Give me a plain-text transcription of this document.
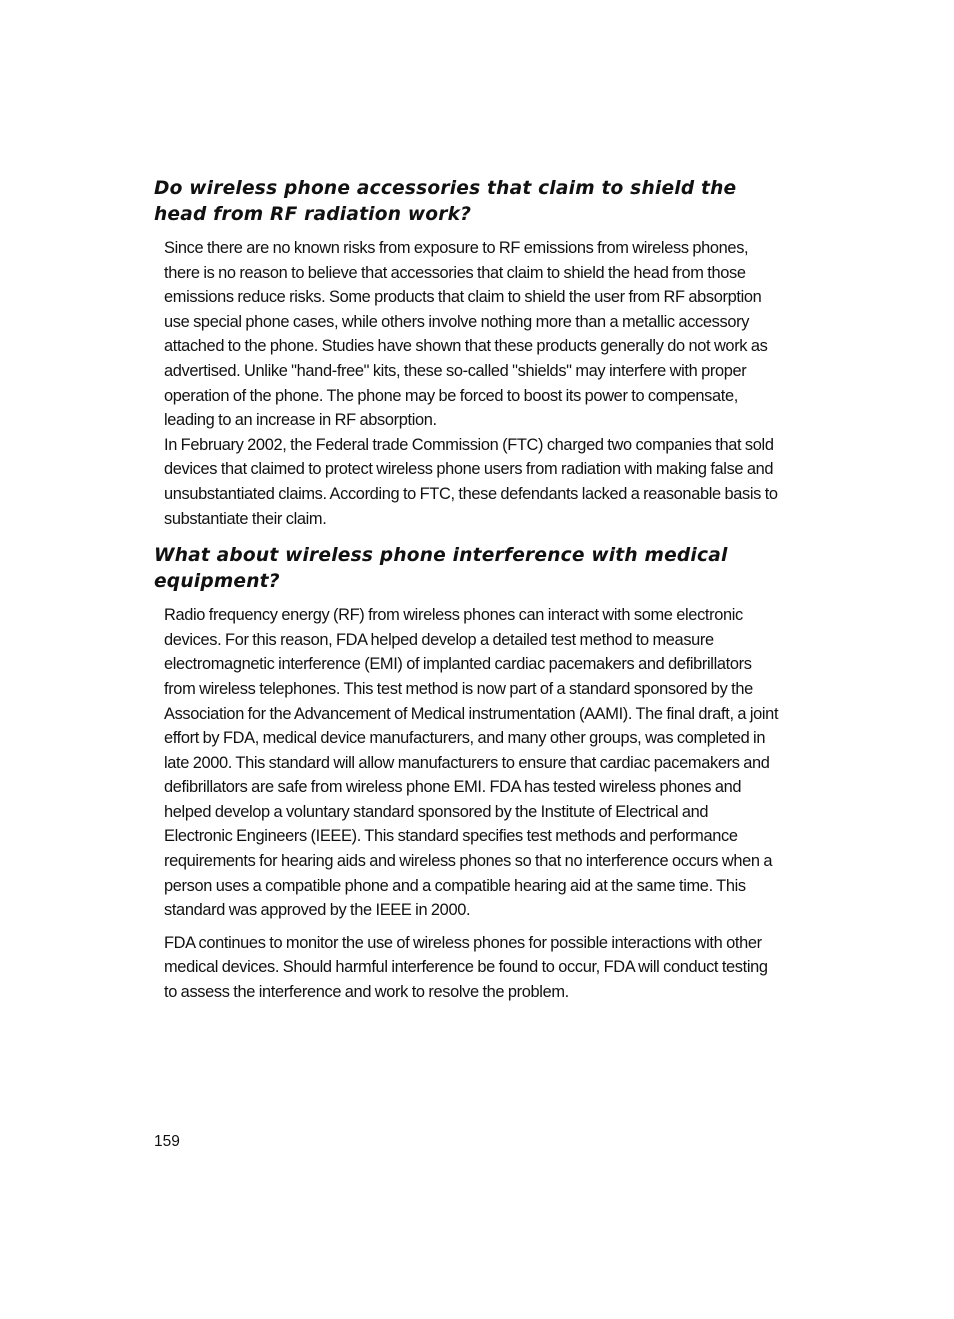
Do wireless phone accessories that claim to shield the head from RF radiation work?

Since there are no known risks from exposure to RF emissions from wireless phones, there is no reason to believe that accessories that claim to shield the head from those emissions reduce risks. Some products that claim to shield the user from RF absorption use special phone cases, while others involve nothing more than a metallic accessory attached to the phone. Studies have shown that these products generally do not work as advertised. Unlike "hand-free" kits, these so-called "shields" may interfere with proper operation of the phone. The phone may be forced to boost its power to compensate, leading to an increase in RF absorption.

In February 2002, the Federal trade Commission (FTC) charged two companies that sold devices that claimed to protect wireless phone users from radiation with making false and unsubstantiated claims. According to FTC, these defendants lacked a reasonable basis to substantiate their claim.

What about wireless phone interference with medical equipment?

Radio frequency energy (RF) from wireless phones can interact with some electronic devices. For this reason, FDA helped develop a detailed test method to measure electromagnetic interference (EMI) of implanted cardiac pacemakers and defibrillators from wireless telephones. This test method is now part of a standard sponsored by the Association for the Advancement of Medical instrumentation (AAMI). The final draft, a joint effort by FDA, medical device manufacturers, and many other groups, was completed in late 2000. This standard will allow manufacturers to ensure that cardiac pacemakers and defibrillators are safe from wireless phone EMI. FDA has tested wireless phones and helped develop a voluntary standard sponsored by the Institute of Electrical and Electronic Engineers (IEEE). This standard specifies test methods and performance requirements for hearing aids and wireless phones so that no interference occurs when a person uses a compatible phone and a compatible hearing aid at the same time. This standard was approved by the IEEE in 2000.

FDA continues to monitor the use of wireless phones for possible interactions with other medical devices. Should harmful interference be found to occur, FDA will conduct testing to assess the interference and work to resolve the problem.

159
